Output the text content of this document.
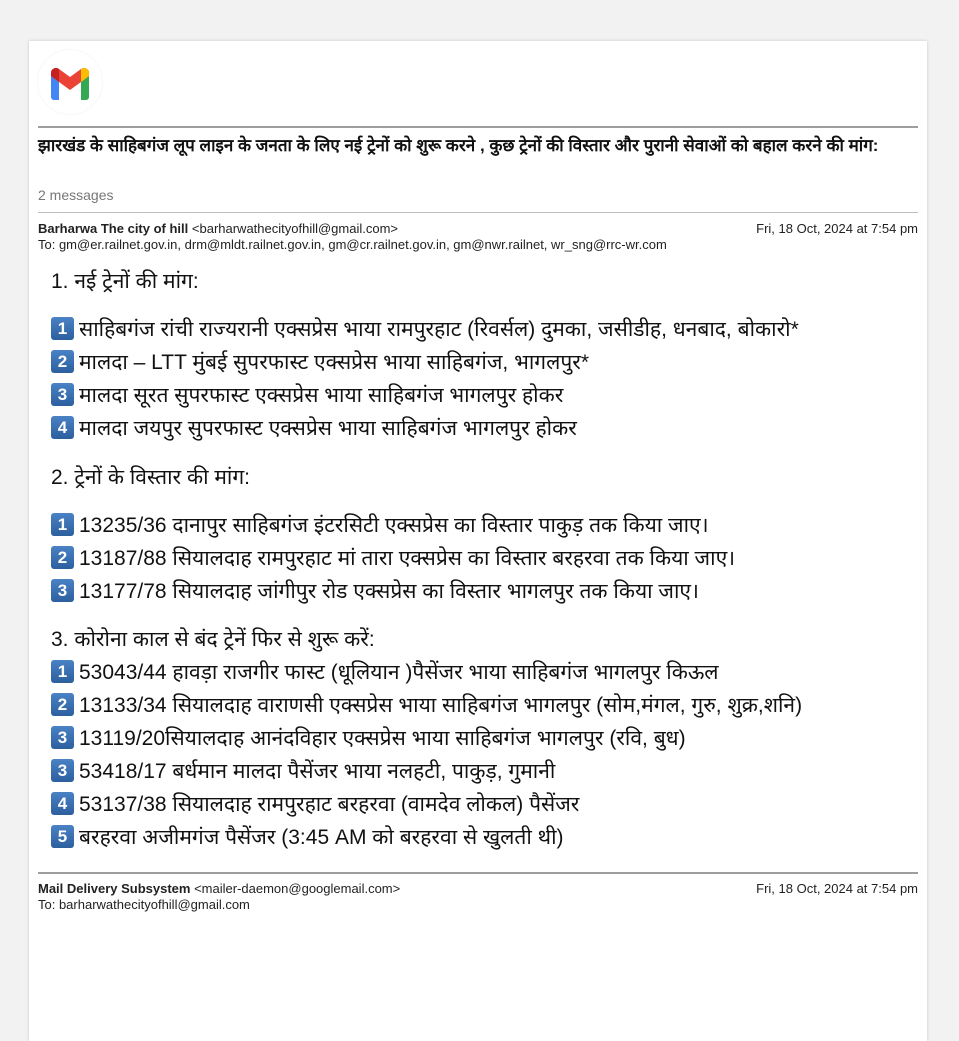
झारखंड के साहिबगंज लूप लाइन के जनता के लिए नई ट्रेनों को शुरू करने , कुछ ट्रेनों की विस्तार और पुरानी सेवाओं को बहाल करने की मांग:
2 messages
Barharwa The city of hill <barharwathecityofhill@gmail.com>	Fri, 18 Oct, 2024 at 7:54 pm
To: gm@er.railnet.gov.in, drm@mldt.railnet.gov.in, gm@cr.railnet.gov.in, gm@nwr.railnet, wr_sng@rrc-wr.com
1. नई ट्रेनों की मांग:
1 साहिबगंज रांची राज्यरानी एक्सप्रेस भाया रामपुरहाट (रिवर्सल) दुमका, जसीडीह, धनबाद, बोकारो*
2 मालदा – LTT मुंबई सुपरफास्ट एक्सप्रेस भाया साहिबगंज, भागलपुर*
3 मालदा सूरत सुपरफास्ट एक्सप्रेस भाया साहिबगंज भागलपुर होकर
4 मालदा जयपुर सुपरफास्ट एक्सप्रेस भाया साहिबगंज भागलपुर होकर
2. ट्रेनों के विस्तार की मांग:
1 13235/36 दानापुर साहिबगंज इंटरसिटी एक्सप्रेस का विस्तार पाकुड़ तक किया जाए।
2 13187/88 सियालदाह रामपुरहाट मां तारा एक्सप्रेस का विस्तार बरहरवा तक किया जाए।
3 13177/78 सियालदाह जांगीपुर रोड एक्सप्रेस का विस्तार भागलपुर तक किया जाए।
3. कोरोना काल से बंद ट्रेनें फिर से शुरू करें:
1 53043/44 हावड़ा राजगीर फास्ट (धूलियान )पैसेंजर भाया साहिबगंज भागलपुर किऊल
2 13133/34 सियालदाह वाराणसी एक्सप्रेस भाया साहिबगंज भागलपुर (सोम,मंगल, गुरु, शुक्र,शनि)
3 13119/20सियालदाह आनंदविहार एक्सप्रेस भाया साहिबगंज भागलपुर (रवि, बुध)
3 53418/17 बर्धमान मालदा पैसेंजर भाया नलहटी, पाकुड़, गुमानी
4 53137/38 सियालदाह रामपुरहाट बरहरवा (वामदेव लोकल) पैसेंजर
5 बरहरवा अजीमगंज पैसेंजर (3:45 AM को बरहरवा से खुलती थी)
Mail Delivery Subsystem <mailer-daemon@googlemail.com>	Fri, 18 Oct, 2024 at 7:54 pm
To: barharwathecityofhill@gmail.com
